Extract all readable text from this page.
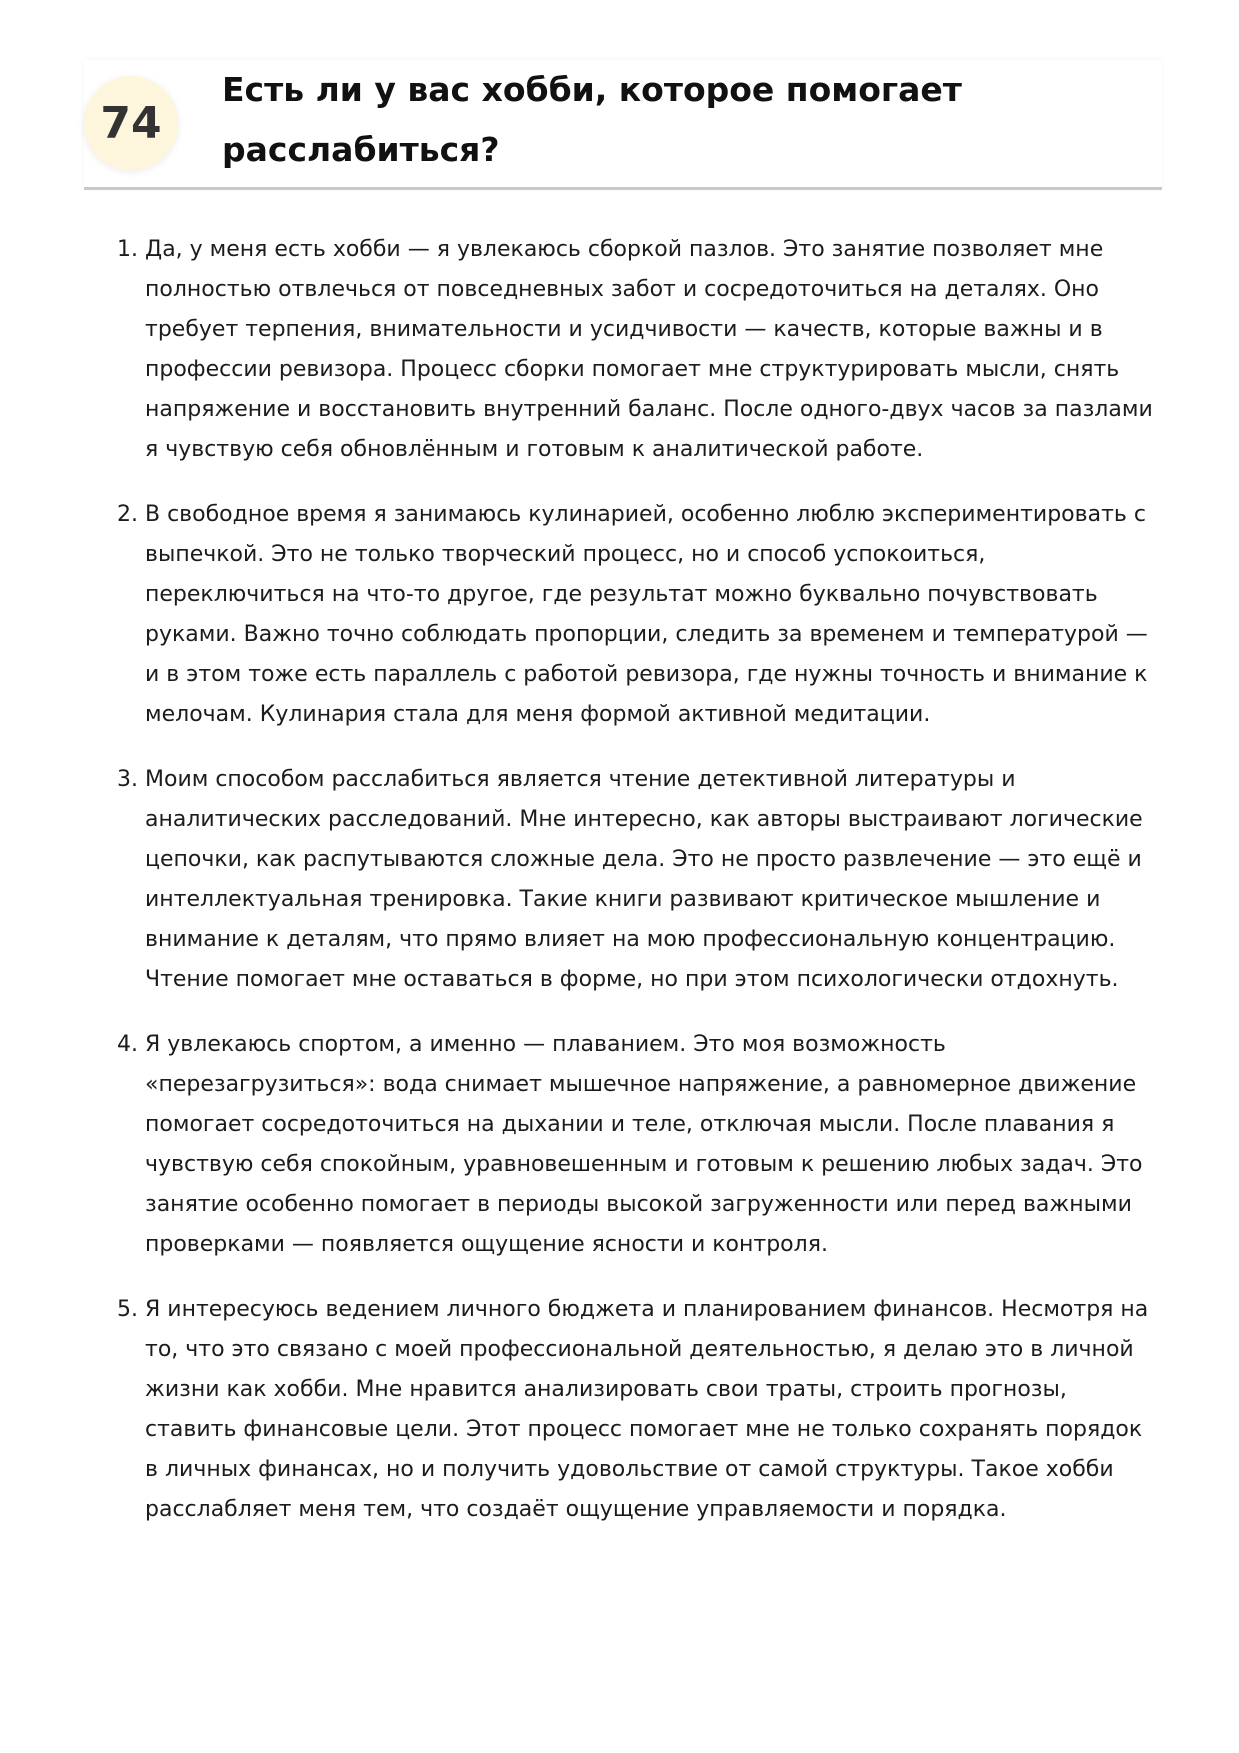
74
Есть ли у вас хобби, которое помогает расслабиться?
1. Да, у меня есть хобби — я увлекаюсь сборкой пазлов. Это занятие позволяет мне полностью отвлечься от повседневных забот и сосредоточиться на деталях. Оно требует терпения, внимательности и усидчивости — качеств, которые важны и в профессии ревизора. Процесс сборки помогает мне структурировать мысли, снять напряжение и восстановить внутренний баланс. После одного-двух часов за пазлами я чувствую себя обновлённым и готовым к аналитической работе.
2. В свободное время я занимаюсь кулинарией, особенно люблю экспериментировать с выпечкой. Это не только творческий процесс, но и способ успокоиться, переключиться на что-то другое, где результат можно буквально почувствовать руками. Важно точно соблюдать пропорции, следить за временем и температурой — и в этом тоже есть параллель с работой ревизора, где нужны точность и внимание к мелочам. Кулинария стала для меня формой активной медитации.
3. Моим способом расслабиться является чтение детективной литературы и аналитических расследований. Мне интересно, как авторы выстраивают логические цепочки, как распутываются сложные дела. Это не просто развлечение — это ещё и интеллектуальная тренировка. Такие книги развивают критическое мышление и внимание к деталям, что прямо влияет на мою профессиональную концентрацию. Чтение помогает мне оставаться в форме, но при этом психологически отдохнуть.
4. Я увлекаюсь спортом, а именно — плаванием. Это моя возможность «перезагрузиться»: вода снимает мышечное напряжение, а равномерное движение помогает сосредоточиться на дыхании и теле, отключая мысли. После плавания я чувствую себя спокойным, уравновешенным и готовым к решению любых задач. Это занятие особенно помогает в периоды высокой загруженности или перед важными проверками — появляется ощущение ясности и контроля.
5. Я интересуюсь ведением личного бюджета и планированием финансов. Несмотря на то, что это связано с моей профессиональной деятельностью, я делаю это в личной жизни как хобби. Мне нравится анализировать свои траты, строить прогнозы, ставить финансовые цели. Этот процесс помогает мне не только сохранять порядок в личных финансах, но и получить удовольствие от самой структуры. Такое хобби расслабляет меня тем, что создаёт ощущение управляемости и порядка.
